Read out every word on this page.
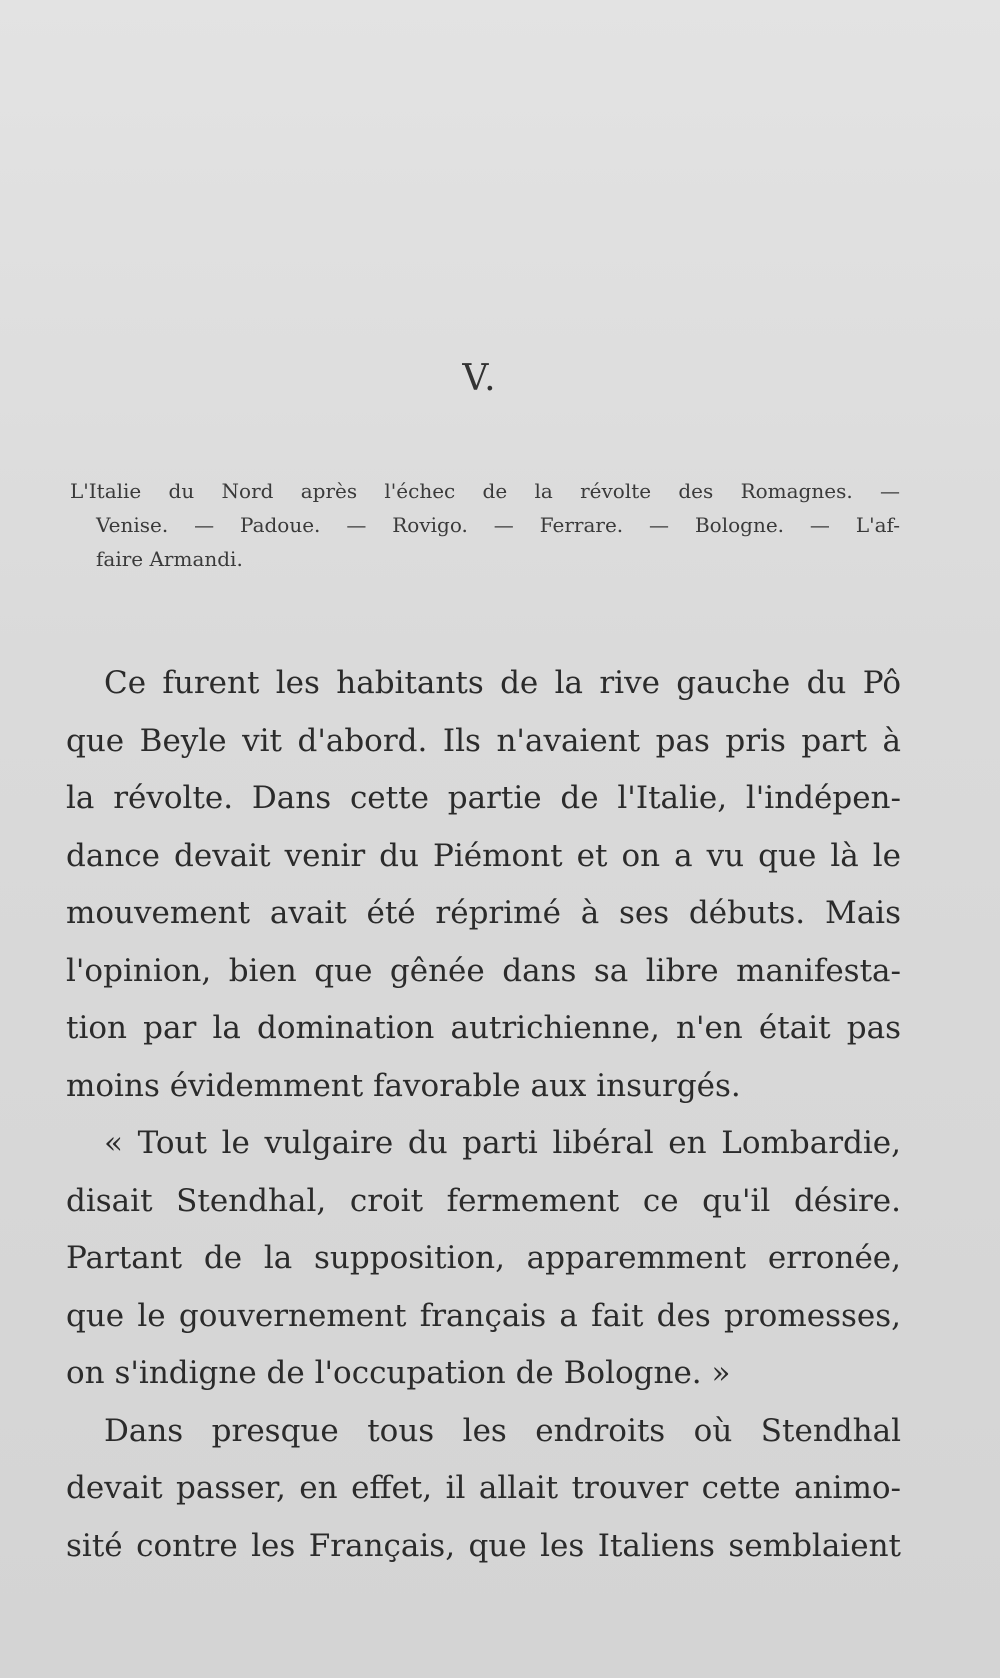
V.
L'Italie du Nord après l'échec de la révolte des Romagnes. —
Venise. — Padoue. — Rovigo. — Ferrare. — Bologne. — L'af-
faire Armandi.
Ce furent les habitants de la rive gauche du Pô
que Beyle vit d'abord. Ils n'avaient pas pris part à
la révolte. Dans cette partie de l'Italie, l'indépen-
dance devait venir du Piémont et on a vu que là le
mouvement avait été réprimé à ses débuts. Mais
l'opinion, bien que gênée dans sa libre manifesta-
tion par la domination autrichienne, n'en était pas
moins évidemment favorable aux insurgés.
« Tout le vulgaire du parti libéral en Lombardie,
disait Stendhal, croit fermement ce qu'il désire.
Partant de la supposition, apparemment erronée,
que le gouvernement français a fait des promesses,
on s'indigne de l'occupation de Bologne. »
Dans presque tous les endroits où Stendhal
devait passer, en effet, il allait trouver cette animo-
sité contre les Français, que les Italiens semblaient
